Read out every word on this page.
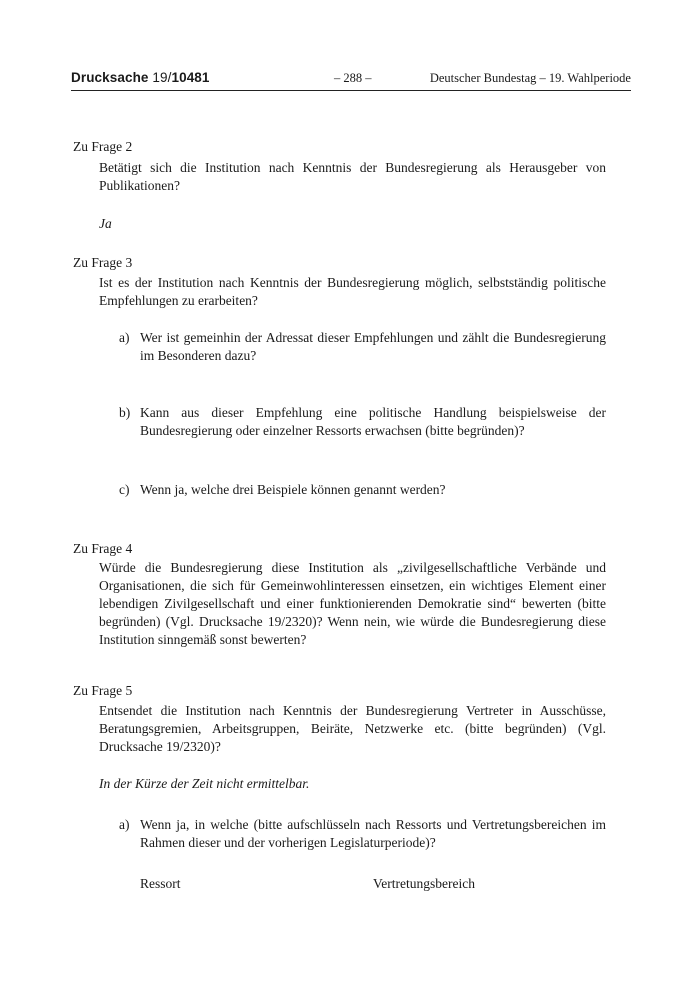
Drucksache 19/10481	– 288 –	Deutscher Bundestag – 19. Wahlperiode
Zu Frage 2
Betätigt sich die Institution nach Kenntnis der Bundesregierung als Herausgeber von Publikationen?
Ja
Zu Frage 3
Ist es der Institution nach Kenntnis der Bundesregierung möglich, selbstständig politische Empfehlungen zu erarbeiten?
a) Wer ist gemeinhin der Adressat dieser Empfehlungen und zählt die Bundesregierung im Besonderen dazu?
b) Kann aus dieser Empfehlung eine politische Handlung beispielsweise der Bundesregierung oder einzelner Ressorts erwachsen (bitte begründen)?
c) Wenn ja, welche drei Beispiele können genannt werden?
Zu Frage 4
Würde die Bundesregierung diese Institution als „zivilgesellschaftliche Verbände und Organisationen, die sich für Gemeinwohlinteressen einsetzen, ein wichtiges Element einer lebendigen Zivilgesellschaft und einer funktionierenden Demokratie sind“ bewerten (bitte begründen) (Vgl. Drucksache 19/2320)? Wenn nein, wie würde die Bundesregierung diese Institution sinngemäß sonst bewerten?
Zu Frage 5
Entsendet die Institution nach Kenntnis der Bundesregierung Vertreter in Ausschüsse, Beratungsgremien, Arbeitsgruppen, Beiräte, Netzwerke etc. (bitte begründen) (Vgl. Drucksache 19/2320)?
In der Kürze der Zeit nicht ermittelbar.
a) Wenn ja, in welche (bitte aufschlüsseln nach Ressorts und Vertretungsbereichen im Rahmen dieser und der vorherigen Legislaturperiode)?
Ressort	Vertretungsbereich
